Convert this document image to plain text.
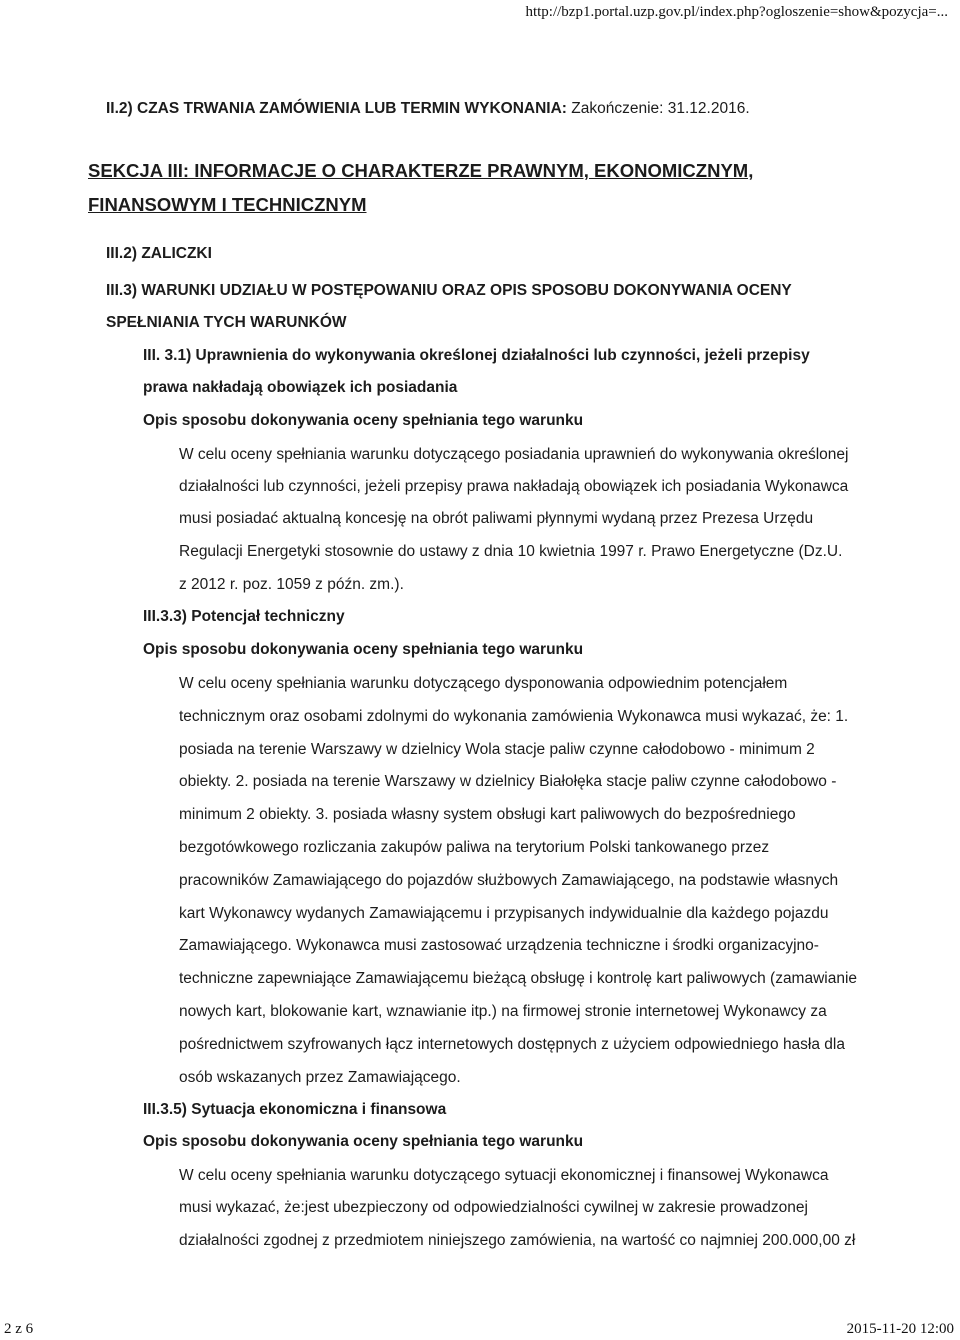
http://bzp1.portal.uzp.gov.pl/index.php?ogloszenie=show&pozycja=...
II.2) CZAS TRWANIA ZAMÓWIENIA LUB TERMIN WYKONANIA: Zakończenie: 31.12.2016.
SEKCJA III: INFORMACJE O CHARAKTERZE PRAWNYM, EKONOMICZNYM,
FINANSOWYM I TECHNICZNYM
III.2) ZALICZKI
III.3) WARUNKI UDZIAŁU W POSTĘPOWANIU ORAZ OPIS SPOSOBU DOKONYWANIA OCENY
SPEŁNIANIA TYCH WARUNKÓW
III. 3.1) Uprawnienia do wykonywania określonej działalności lub czynności, jeżeli przepisy
prawa nakładają obowiązek ich posiadania
Opis sposobu dokonywania oceny spełniania tego warunku
W celu oceny spełniania warunku dotyczącego posiadania uprawnień do wykonywania określonej
działalności lub czynności, jeżeli przepisy prawa nakładają obowiązek ich posiadania Wykonawca
musi posiadać aktualną koncesję na obrót paliwami płynnymi wydaną przez Prezesa Urzędu
Regulacji Energetyki stosownie do ustawy z dnia 10 kwietnia 1997 r. Prawo Energetyczne (Dz.U.
z 2012 r. poz. 1059 z późn. zm.).
III.3.3) Potencjał techniczny
Opis sposobu dokonywania oceny spełniania tego warunku
W celu oceny spełniania warunku dotyczącego dysponowania odpowiednim potencjałem
technicznym oraz osobami zdolnymi do wykonania zamówienia Wykonawca musi wykazać, że: 1.
posiada na terenie Warszawy w dzielnicy Wola stacje paliw czynne całodobowo - minimum 2
obiekty. 2. posiada na terenie Warszawy w dzielnicy Białołęka stacje paliw czynne całodobowo -
minimum 2 obiekty. 3. posiada własny system obsługi kart paliwowych do bezpośredniego
bezgotówkowego rozliczania zakupów paliwa na terytorium Polski tankowanego przez
pracowników Zamawiającego do pojazdów służbowych Zamawiającego, na podstawie własnych
kart Wykonawcy wydanych Zamawiającemu i przypisanych indywidualnie dla każdego pojazdu
Zamawiającego. Wykonawca musi zastosować urządzenia techniczne i środki organizacyjno-
techniczne zapewniające Zamawiającemu bieżącą obsługę i kontrolę kart paliwowych (zamawianie
nowych kart, blokowanie kart, wznawianie itp.) na firmowej stronie internetowej Wykonawcy za
pośrednictwem szyfrowanych łącz internetowych dostępnych z użyciem odpowiedniego hasła dla
osób wskazanych przez Zamawiającego.
III.3.5) Sytuacja ekonomiczna i finansowa
Opis sposobu dokonywania oceny spełniania tego warunku
W celu oceny spełniania warunku dotyczącego sytuacji ekonomicznej i finansowej Wykonawca
musi wykazać, że:jest ubezpieczony od odpowiedzialności cywilnej w zakresie prowadzonej
działalności zgodnej z przedmiotem niniejszego zamówienia, na wartość co najmniej 200.000,00 zł
2 z 6	2015-11-20 12:00
